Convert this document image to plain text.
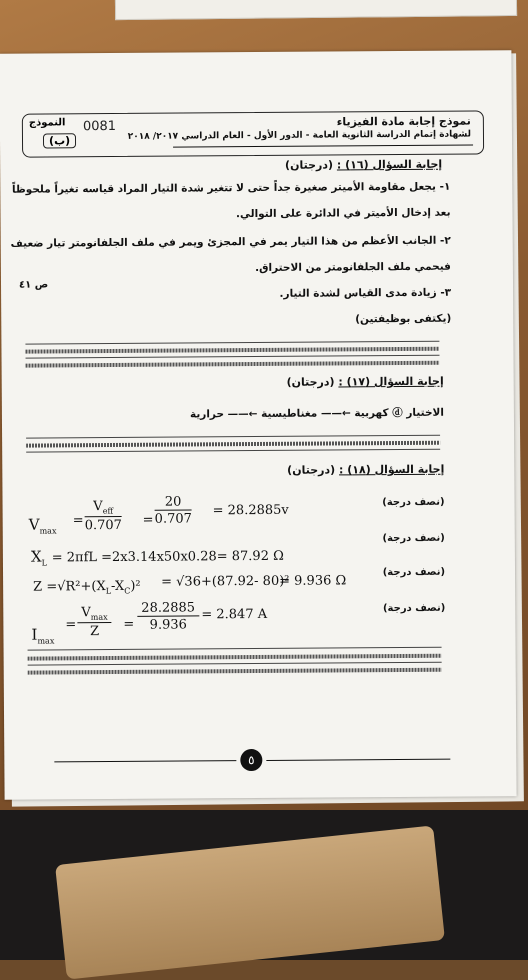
نموذج إجابة مادة الفيزياء
لشهادة إتمام الدراسة الثانوية العامة - الدور الأول - العام الدراسي ٢٠١٧/ ٢٠١٨
0081
النموذج
(ب)
إجابة السؤال (١٦) : (درجتان)
١- يجعل مقاومة الأميتر صغيرة جداً حتى لا تتغير شدة التيار المراد قياسه تغيراً ملحوظاً
بعد إدخال الأميتر في الدائرة على التوالي.
٢- الجانب الأعظم من هذا التيار يمر في المجزئ ويمر في ملف الجلفانومتر تيار ضعيف
فيحمي ملف الجلفانومتر من الاحتراق.
ص ٤١
٣- زيادة مدى القياس لشدة التيار.
(يكتفى بوظيفتين)
إجابة السؤال (١٧) : (درجتان)
الاختيار ⓓ كهربية ←—— مغناطيسية ←—— حرارية
إجابة السؤال (١٨) : (درجتان)
$V_{max}$
=
$V_{eff}$
$0.707 = \frac{20}{0.707} = 28.2885v$
(نصف درجة)
$X_L = 2\pi fL =2x3.14x50x0.28= 87.92$ Ω
(نصف درجة)
$Z =√R^2+(X_L-X_C)^2 = √36+(87.92-$ 80)²
= 9.936 Ω
(نصف درجة)
$I_{max}$
=
$V_{max}$
Z	= $\frac{28.2885}{9.936} = 2.847$ A	(نصف درجة)
٥
